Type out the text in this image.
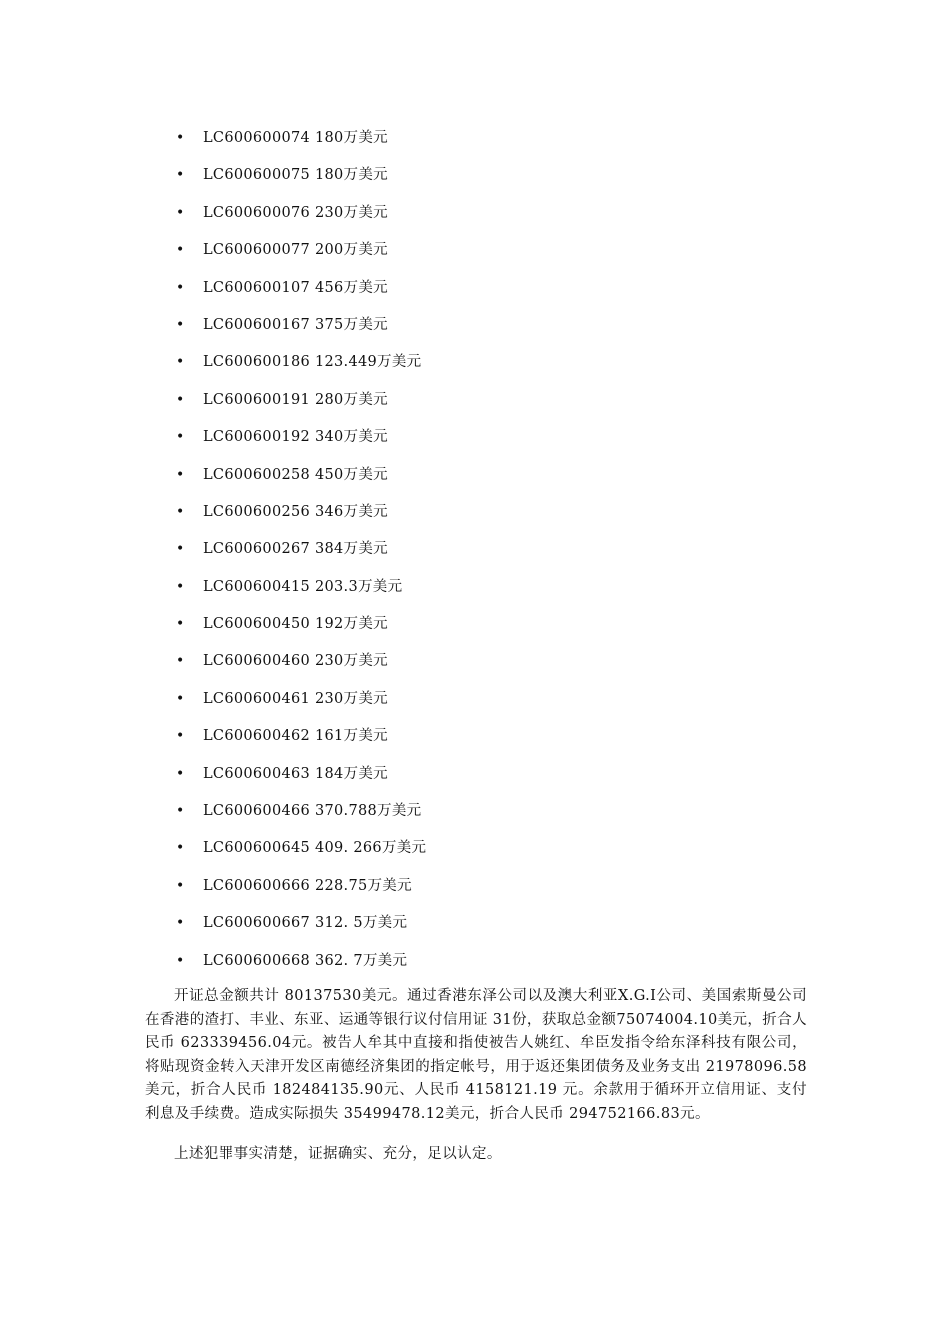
• LC600600074 180万美元
• LC600600075 180万美元
• LC600600076 230万美元
• LC600600077 200万美元
• LC600600107 456万美元
• LC600600167 375万美元
• LC600600186 123.449万美元
• LC600600191 280万美元
• LC600600192 340万美元
• LC600600258 450万美元
• LC600600256 346万美元
• LC600600267 384万美元
• LC600600415 203.3万美元
• LC600600450 192万美元
• LC600600460 230万美元
• LC600600461 230万美元
• LC600600462 161万美元
• LC600600463 184万美元
• LC600600466 370.788万美元
• LC600600645 409. 266万美元
• LC600600666 228.75万美元
• LC600600667 312. 5万美元
• LC600600668 362. 7万美元

开证总金额共计 80137530美元。通过香港东泽公司以及澳大利亚X.G.I公司、美国索斯曼公司在香港的渣打、丰业、东亚、运通等银行议付信用证 31份，获取总金额75074004.10美元，折合人民币 623339456.04元。被告人牟其中直接和指使被告人姚红、牟臣发指令给东泽科技有限公司，将贴现资金转入天津开发区南德经济集团的指定帐号，用于返还集团债务及业务支出 21978096.58美元，折合人民币 182484135.90元、人民币 4158121.19 元。余款用于循环开立信用证、支付利息及手续费。造成实际损失 35499478.12美元，折合人民币 294752166.83元。

上述犯罪事实清楚，证据确实、充分，足以认定。
